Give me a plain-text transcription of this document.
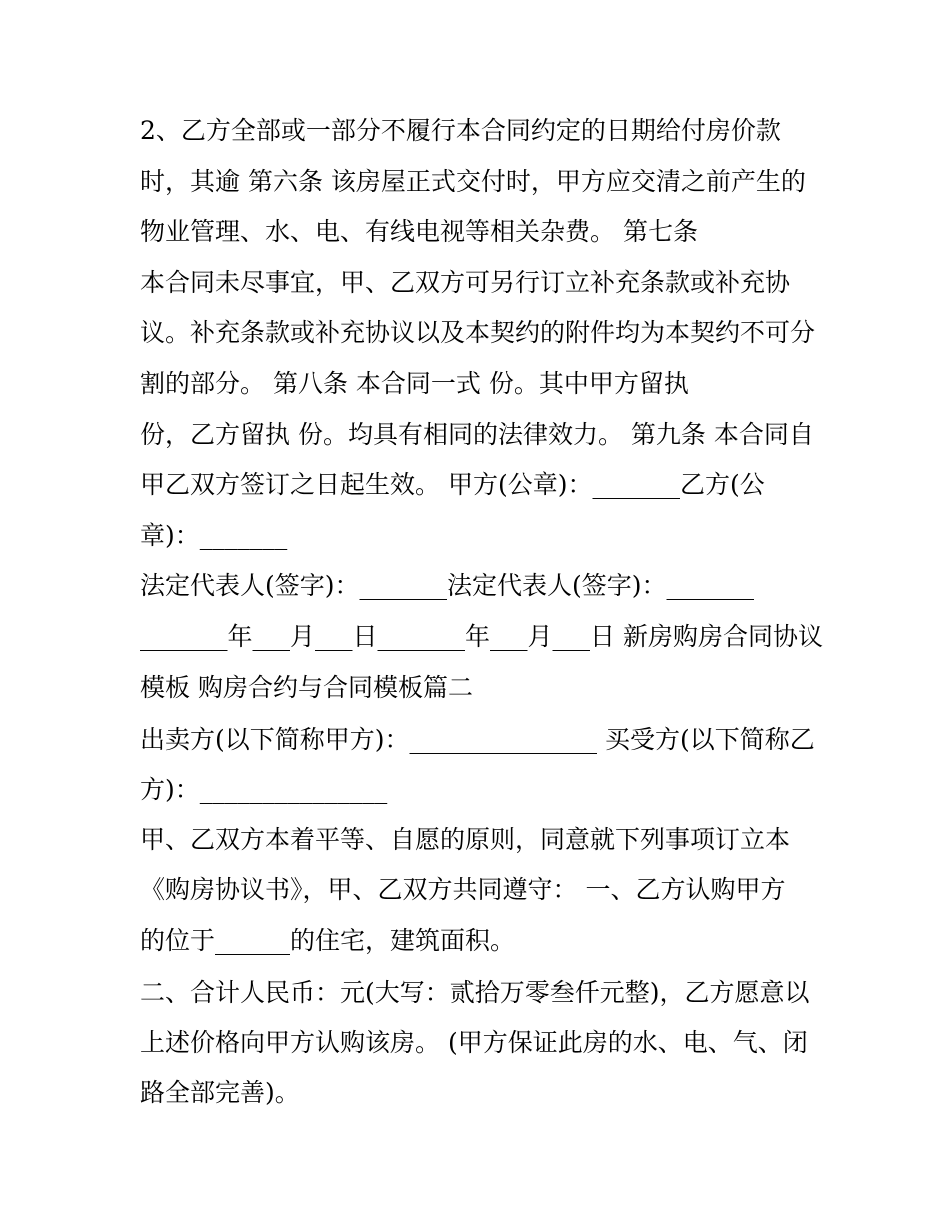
2、乙方全部或一部分不履行本合同约定的日期给付房价款
时，其逾 第六条 该房屋正式交付时，甲方应交清之前产生的
物业管理、水、电、有线电视等相关杂费。 第七条
本合同未尽事宜，甲、乙双方可另行订立补充条款或补充协
议。补充条款或补充协议以及本契约的附件均为本契约不可分
割的部分。 第八条 本合同一式 份。其中甲方留执
份，乙方留执 份。均具有相同的法律效力。 第九条 本合同自
甲乙双方签订之日起生效。 甲方(公章)：_______乙方(公
章)：_______
法定代表人(签字)：_______法定代表人(签字)：_______
_______年___月___日_______年___月___日 新房购房合同协议
模板 购房合约与合同模板篇二
出卖方(以下简称甲方)：_______________ 买受方(以下简称乙
方)：_______________
甲、乙双方本着平等、自愿的原则，同意就下列事项订立本
《购房协议书》，甲、乙双方共同遵守： 一、乙方认购甲方
的位于______的住宅，建筑面积。
二、合计人民币：元(大写：贰拾万零叁仟元整)，乙方愿意以
上述价格向甲方认购该房。 (甲方保证此房的水、电、气、闭
路全部完善)。
